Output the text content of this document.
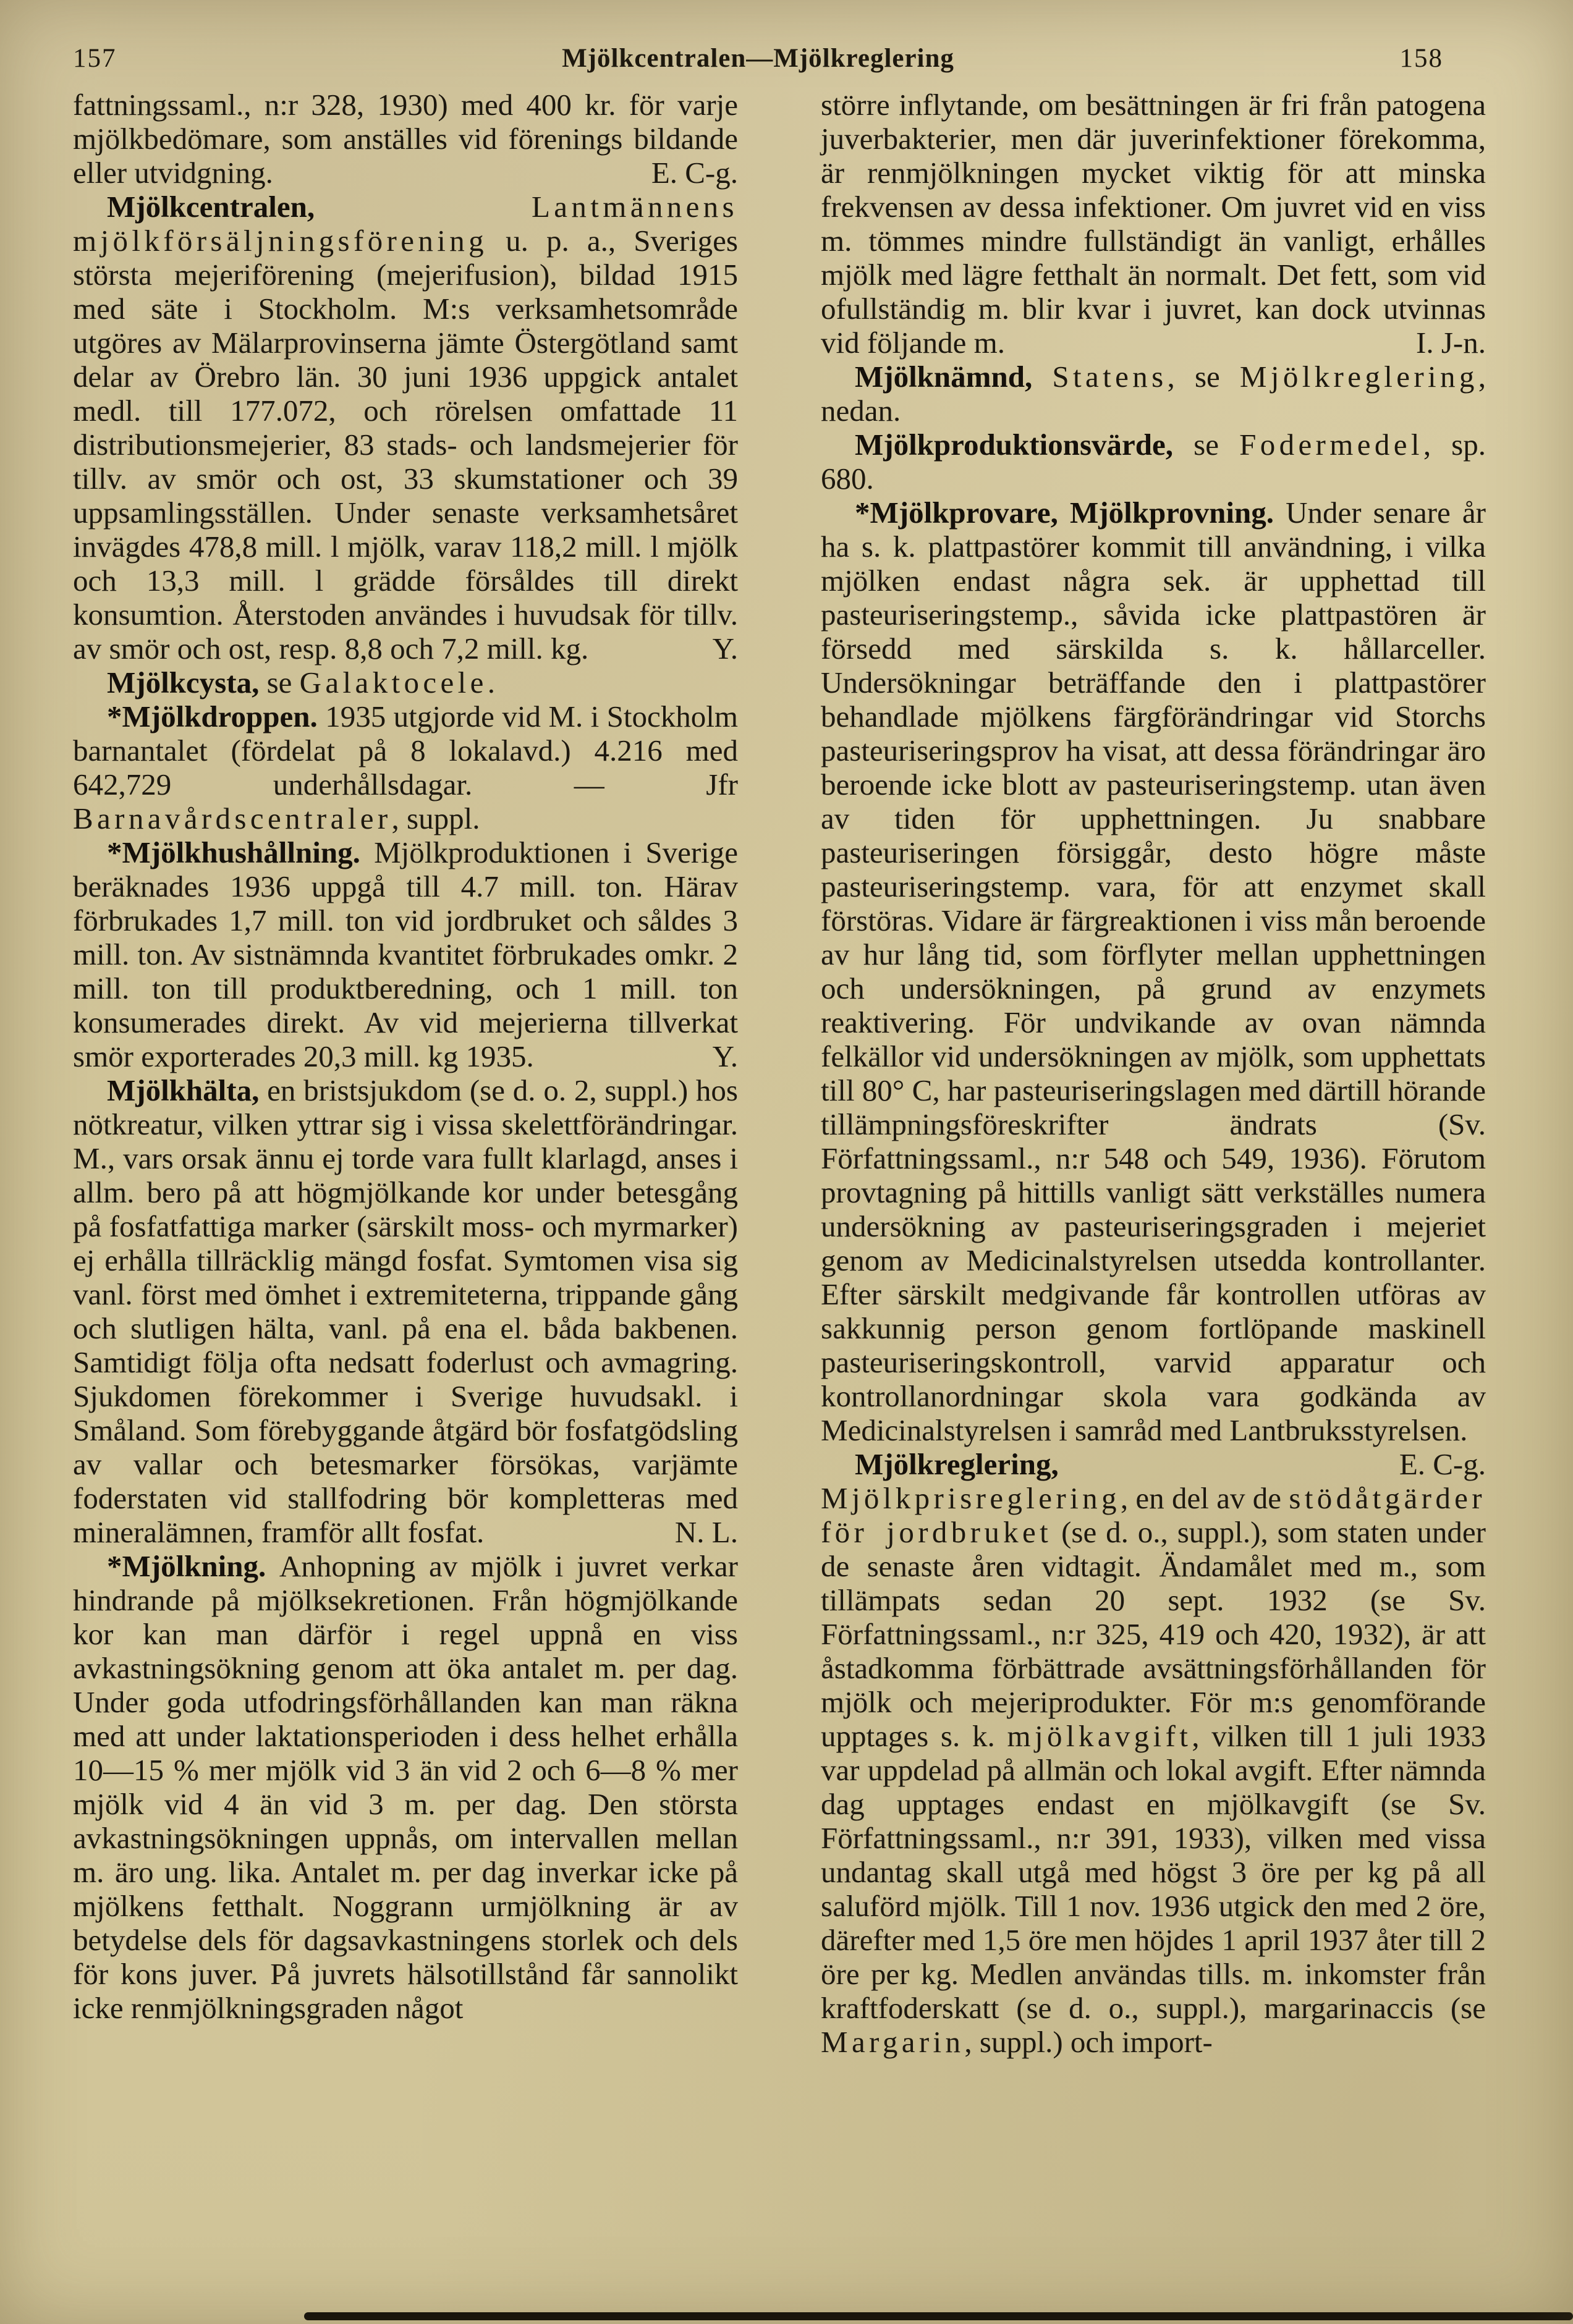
157	Mjölkcentralen—Mjölkreglering	158

fattningssaml., n:r 328, 1930) med 400 kr. för varje mjölkbedömare, som anställes vid förenings bildande eller utvidgning.	E. C-g.

Mjölkcentralen, Lantmännens mjölkförsäljningsförening u. p. a., Sveriges största mejeriförening (mejerifusion), bildad 1915 med säte i Stockholm. M:s verksamhetsområde utgöres av Mälarprovinserna jämte Östergötland samt delar av Örebro län. 30 juni 1936 uppgick antalet medl. till 177.072, och rörelsen omfattade 11 distributionsmejerier, 83 stads- och landsmejerier för tillv. av smör och ost, 33 skumstationer och 39 uppsamlingsställen. Under senaste verksamhetsåret invägdes 478,8 mill. l mjölk, varav 118,2 mill. l mjölk och 13,3 mill. l grädde försåldes till direkt konsumtion. Återstoden användes i huvudsak för tillv. av smör och ost, resp. 8,8 och 7,2 mill. kg.	Y.

Mjölkcysta, se Galaktocele.

*Mjölkdroppen. 1935 utgjorde vid M. i Stockholm barnantalet (fördelat på 8 lokalavd.) 4.216 med 642,729 underhållsdagar. — Jfr Barnavårdscentraler, suppl.

*Mjölkhushållning. Mjölkproduktionen i Sverige beräknades 1936 uppgå till 4.7 mill. ton. Härav förbrukades 1,7 mill. ton vid jordbruket och såldes 3 mill. ton. Av sistnämnda kvantitet förbrukades omkr. 2 mill. ton till produktberedning, och 1 mill. ton konsumerades direkt. Av vid mejerierna tillverkat smör exporterades 20,3 mill. kg 1935.	Y.

Mjölkhälta, en bristsjukdom (se d. o. 2, suppl.) hos nötkreatur, vilken yttrar sig i vissa skelettförändringar. M., vars orsak ännu ej torde vara fullt klarlagd, anses i allm. bero på att högmjölkande kor under betesgång på fosfatfattiga marker (särskilt moss- och myrmarker) ej erhålla tillräcklig mängd fosfat. Symtomen visa sig vanl. först med ömhet i extremiteterna, trippande gång och slutligen hälta, vanl. på ena el. båda bakbenen. Samtidigt följa ofta nedsatt foderlust och avmagring. Sjukdomen förekommer i Sverige huvudsakl. i Småland. Som förebyggande åtgärd bör fosfatgödsling av vallar och betesmarker försökas, varjämte foderstaten vid stallfodring bör kompletteras med mineralämnen, framför allt fosfat.	N. L.

*Mjölkning. Anhopning av mjölk i juvret verkar hindrande på mjölksekretionen. Från högmjölkande kor kan man därför i regel uppnå en viss avkastningsökning genom att öka antalet m. per dag. Under goda utfodringsförhållanden kan man räkna med att under laktationsperioden i dess helhet erhålla 10—15 % mer mjölk vid 3 än vid 2 och 6—8 % mer mjölk vid 4 än vid 3 m. per dag. Den största avkastningsökningen uppnås, om intervallen mellan m. äro ung. lika. Antalet m. per dag inverkar icke på mjölkens fetthalt. Noggrann urmjölkning är av betydelse dels för dagsavkastningens storlek och dels för kons juver. På juvrets hälsotillstånd får sannolikt icke renmjölkningsgraden något

större inflytande, om besättningen är fri från patogena juverbakterier, men där juverinfektioner förekomma, är renmjölkningen mycket viktig för att minska frekvensen av dessa infektioner. Om juvret vid en viss m. tömmes mindre fullständigt än vanligt, erhålles mjölk med lägre fetthalt än normalt. Det fett, som vid ofullständig m. blir kvar i juvret, kan dock utvinnas vid följande m.	I. J-n.

Mjölknämnd, Statens, se Mjölkreglering, nedan.

Mjölkproduktionsvärde, se Fodermedel, sp. 680.

*Mjölkprovare, Mjölkprovning. Under senare år ha s. k. plattpastörer kommit till användning, i vilka mjölken endast några sek. är upphettad till pasteuriseringstemp., såvida icke plattpastören är försedd med särskilda s. k. hållarceller. Undersökningar beträffande den i plattpastörer behandlade mjölkens färgförändringar vid Storchs pasteuriseringsprov ha visat, att dessa förändringar äro beroende icke blott av pasteuriseringstemp. utan även av tiden för upphettningen. Ju snabbare pasteuriseringen försiggår, desto högre måste pasteuriseringstemp. vara, för att enzymet skall förstöras. Vidare är färgreaktionen i viss mån beroende av hur lång tid, som förflyter mellan upphettningen och undersökningen, på grund av enzymets reaktivering. För undvikande av ovan nämnda felkällor vid undersökningen av mjölk, som upphettats till 80° C, har pasteuriseringslagen med därtill hörande tillämpningsföreskrifter ändrats (Sv. Författningssaml., n:r 548 och 549, 1936). Förutom provtagning på hittills vanligt sätt verkställes numera undersökning av pasteuriseringsgraden i mejeriet genom av Medicinalstyrelsen utsedda kontrollanter. Efter särskilt medgivande får kontrollen utföras av sakkunnig person genom fortlöpande maskinell pasteuriseringskontroll, varvid apparatur och kontrollanordningar skola vara godkända av Medicinalstyrelsen i samråd med Lantbruksstyrelsen.
E. C-g.

Mjölkreglering, Mjölkprisreglering, en del av de stödåtgärder för jordbruket (se d. o., suppl.), som staten under de senaste åren vidtagit. Ändamålet med m., som tillämpats sedan 20 sept. 1932 (se Sv. Författningssaml., n:r 325, 419 och 420, 1932), är att åstadkomma förbättrade avsättningsförhållanden för mjölk och mejeriprodukter. För m:s genomförande upptages s. k. mjölkavgift, vilken till 1 juli 1933 var uppdelad på allmän och lokal avgift. Efter nämnda dag upptages endast en mjölkavgift (se Sv. Författningssaml., n:r 391, 1933), vilken med vissa undantag skall utgå med högst 3 öre per kg på all saluförd mjölk. Till 1 nov. 1936 utgick den med 2 öre, därefter med 1,5 öre men höjdes 1 april 1937 åter till 2 öre per kg. Medlen användas tills. m. inkomster från kraftfoderskatt (se d. o., suppl.), margarinaccis (se Margarin, suppl.) och import-
